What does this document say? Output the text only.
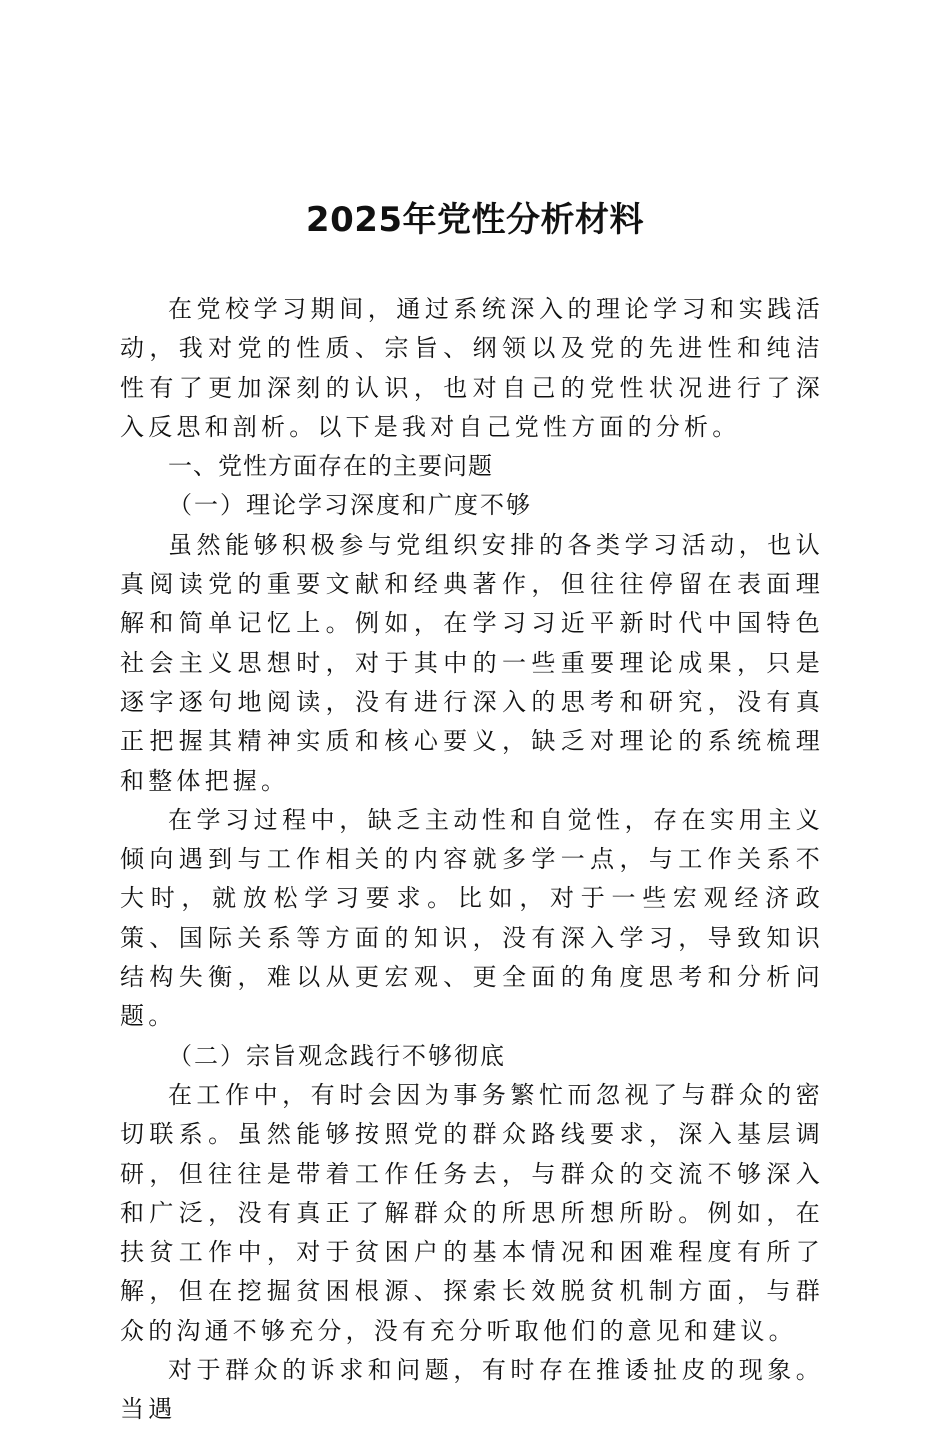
2025年党性分析材料

在党校学习期间，通过系统深入的理论学习和实践活动，我对党的性质、宗旨、纲领以及党的先进性和纯洁性有了更加深刻的认识，也对自己的党性状况进行了深入反思和剖析。以下是我对自己党性方面的分析。

一、党性方面存在的主要问题
（一）理论学习深度和广度不够

虽然能够积极参与党组织安排的各类学习活动，也认真阅读党的重要文献和经典著作，但往往停留在表面理解和简单记忆上。例如，在学习习近平新时代中国特色社会主义思想时，对于其中的一些重要理论成果，只是逐字逐句地阅读，没有进行深入的思考和研究，没有真正把握其精神实质和核心要义，缺乏对理论的系统梳理和整体把握。

在学习过程中，缺乏主动性和自觉性，存在实用主义倾向遇到与工作相关的内容就多学一点，与工作关系不大时，就放松学习要求。比如，对于一些宏观经济政策、国际关系等方面的知识，没有深入学习，导致知识结构失衡，难以从更宏观、更全面的角度思考和分析问题。

（二）宗旨观念践行不够彻底

在工作中，有时会因为事务繁忙而忽视了与群众的密切联系。虽然能够按照党的群众路线要求，深入基层调研，但往往是带着工作任务去，与群众的交流不够深入和广泛，没有真正了解群众的所思所想所盼。例如，在扶贫工作中，对于贫困户的基本情况和困难程度有所了解，但在挖掘贫困根源、探索长效脱贫机制方面，与群众的沟通不够充分，没有充分听取他们的意见和建议。

对于群众的诉求和问题，有时存在推诿扯皮的现象。当遇
